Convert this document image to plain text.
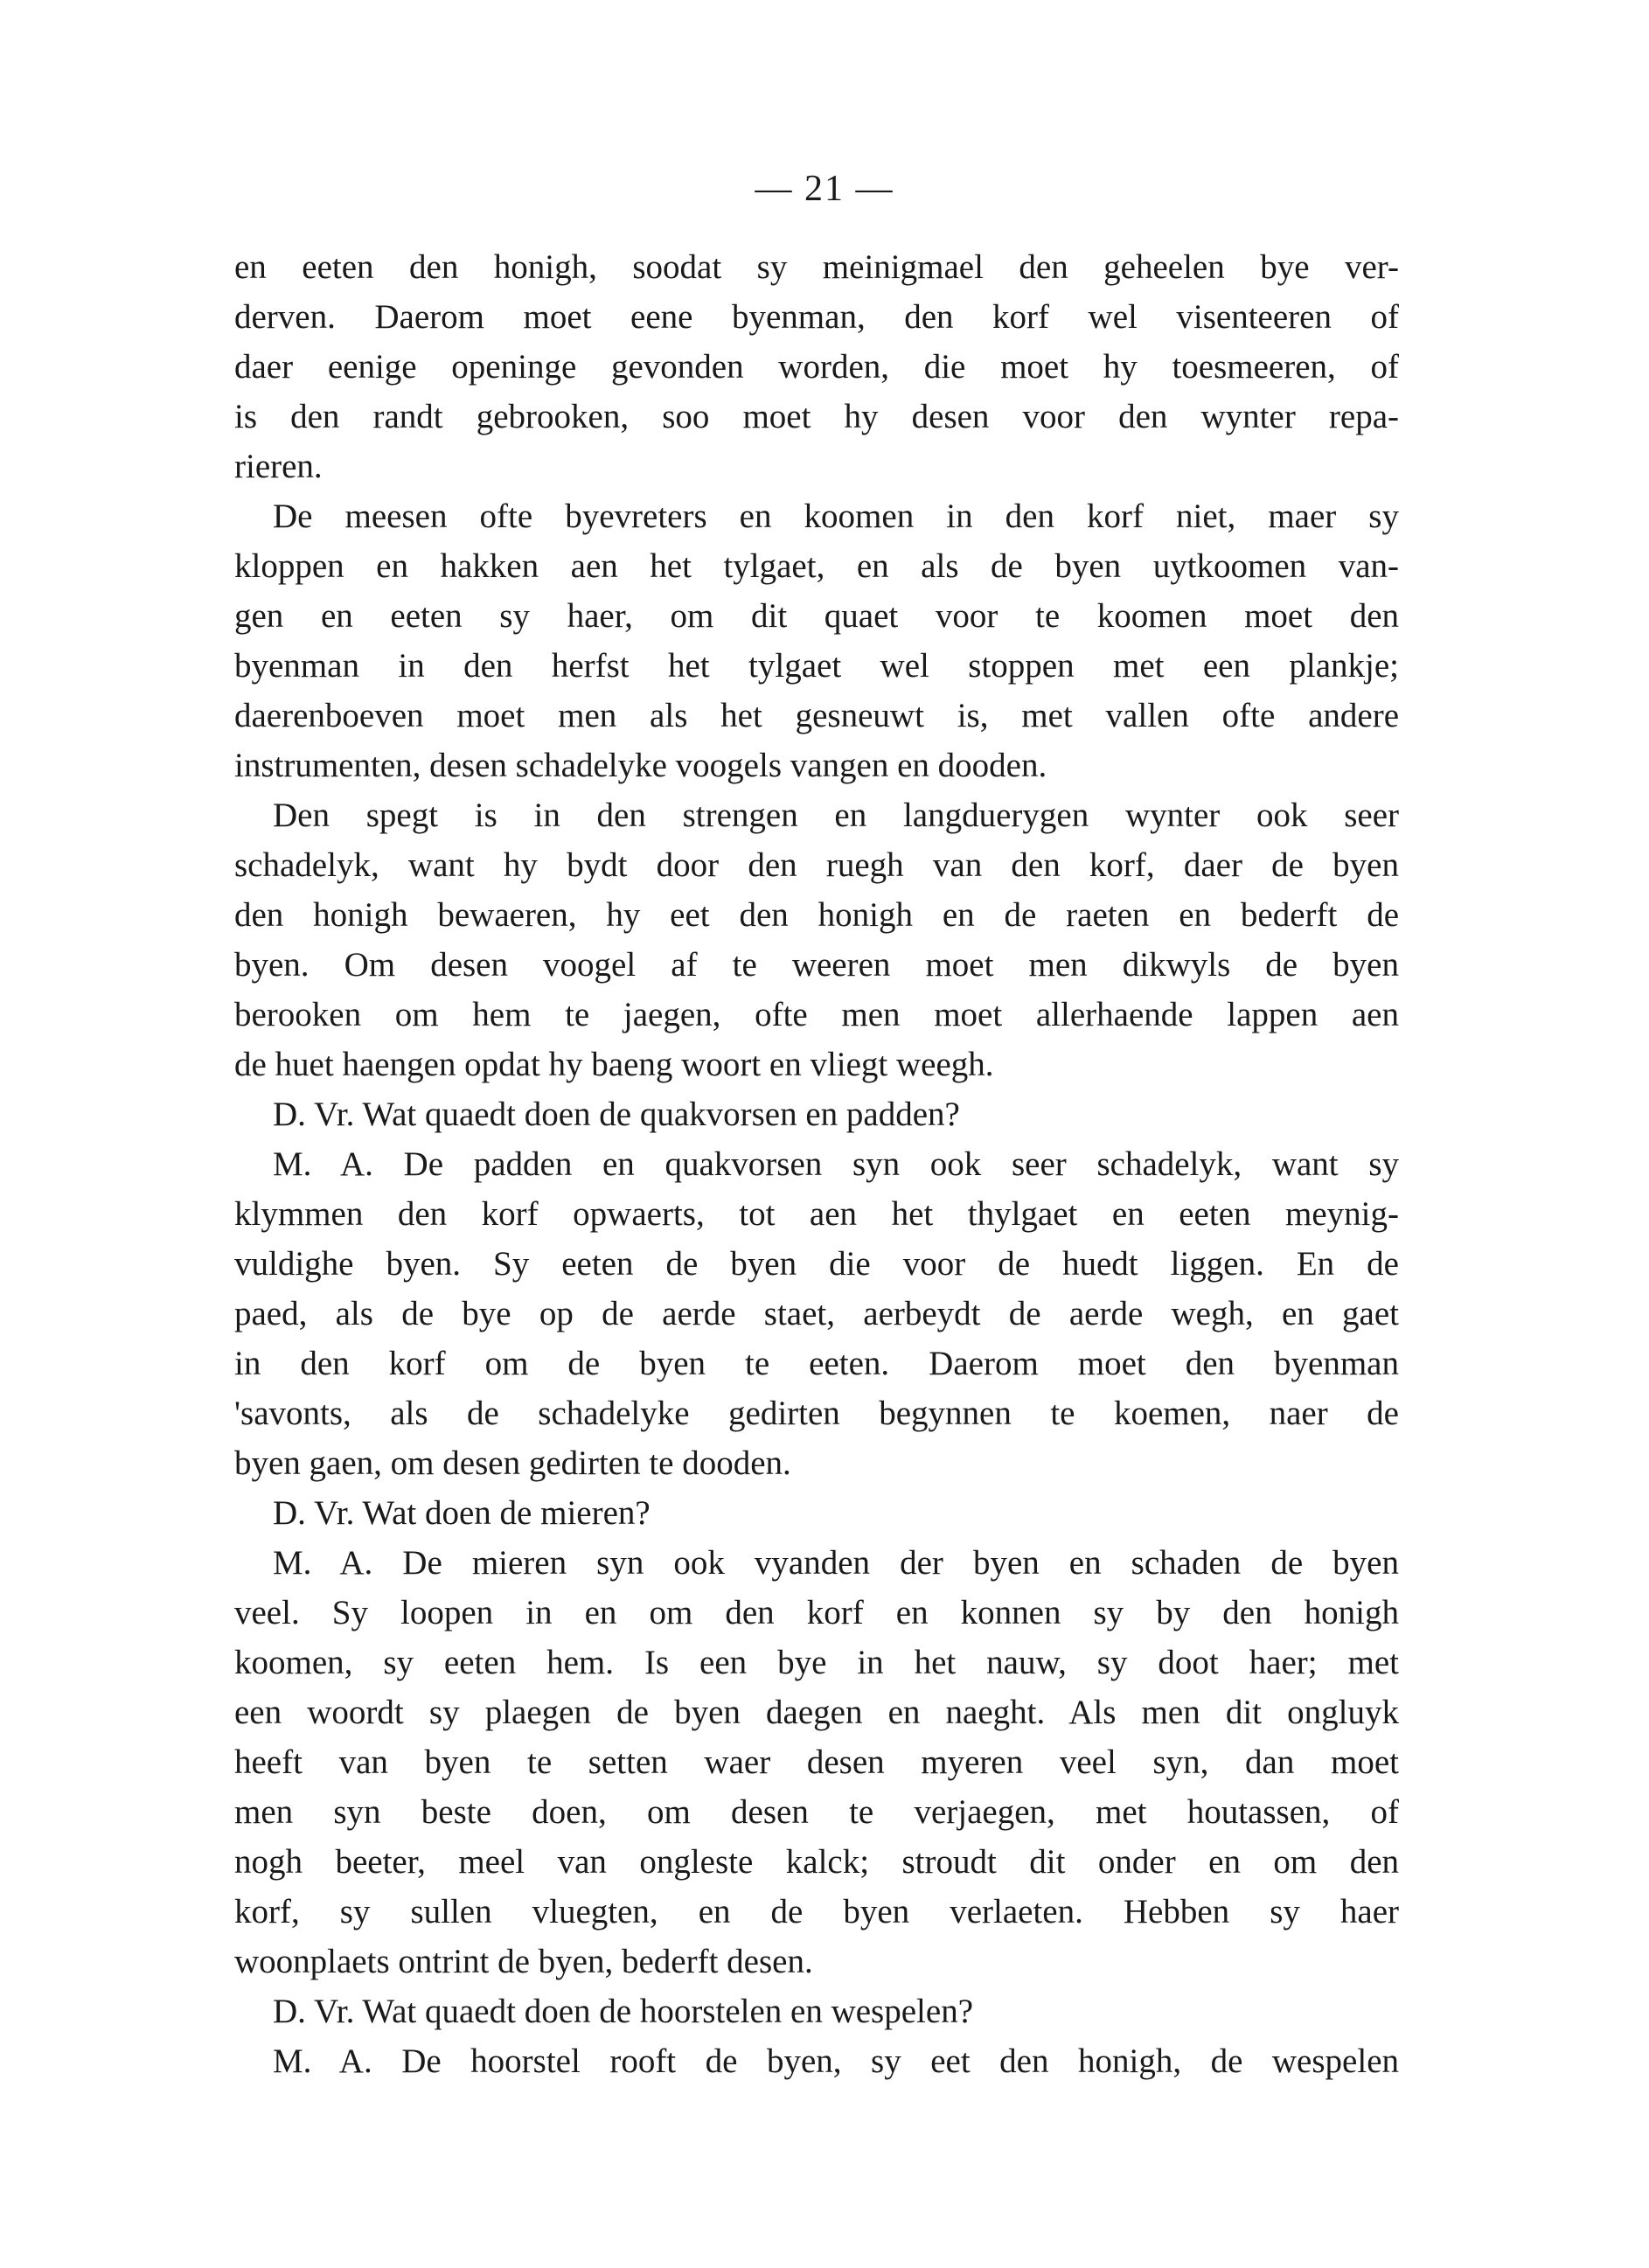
— 21 —
en eeten den honigh, soodat sy meinigmael den geheelen bye ver-
derven. Daerom moet eene byenman, den korf wel visenteeren of
daer eenige openinge gevonden worden, die moet hy toesmeeren, of
is den randt gebrooken, soo moet hy desen voor den wynter repa-
rieren.
De meesen ofte byevreters en koomen in den korf niet, maer sy
kloppen en hakken aen het tylgaet, en als de byen uytkoomen van-
gen en eeten sy haer, om dit quaet voor te koomen moet den
byenman in den herfst het tylgaet wel stoppen met een plankje;
daerenboeven moet men als het gesneuwt is, met vallen ofte andere
instrumenten, desen schadelyke voogels vangen en dooden.
Den spegt is in den strengen en langduerygen wynter ook seer
schadelyk, want hy bydt door den ruegh van den korf, daer de byen
den honigh bewaeren, hy eet den honigh en de raeten en bederft de
byen. Om desen voogel af te weeren moet men dikwyls de byen
berooken om hem te jaegen, ofte men moet allerhaende lappen aen
de huet haengen opdat hy baeng woort en vliegt weegh.
D. Vr. Wat quaedt doen de quakvorsen en padden?
M. A. De padden en quakvorsen syn ook seer schadelyk, want sy
klymmen den korf opwaerts, tot aen het thylgaet en eeten meynig-
vuldighe byen. Sy eeten de byen die voor de huedt liggen. En de
paed, als de bye op de aerde staet, aerbeydt de aerde wegh, en gaet
in den korf om de byen te eeten. Daerom moet den byenman
'savonts, als de schadelyke gedirten begynnen te koemen, naer de
byen gaen, om desen gedirten te dooden.
D. Vr. Wat doen de mieren?
M. A. De mieren syn ook vyanden der byen en schaden de byen
veel. Sy loopen in en om den korf en konnen sy by den honigh
koomen, sy eeten hem. Is een bye in het nauw, sy doot haer; met
een woordt sy plaegen de byen daegen en naeght. Als men dit ongluyk
heeft van byen te setten waer desen myeren veel syn, dan moet
men syn beste doen, om desen te verjaegen, met houtassen, of
nogh beeter, meel van ongleste kalck; stroudt dit onder en om den
korf, sy sullen vluegten, en de byen verlaeten. Hebben sy haer
woonplaets ontrint de byen, bederft desen.
D. Vr. Wat quaedt doen de hoorstelen en wespelen?
M. A. De hoorstel rooft de byen, sy eet den honigh, de wespelen
